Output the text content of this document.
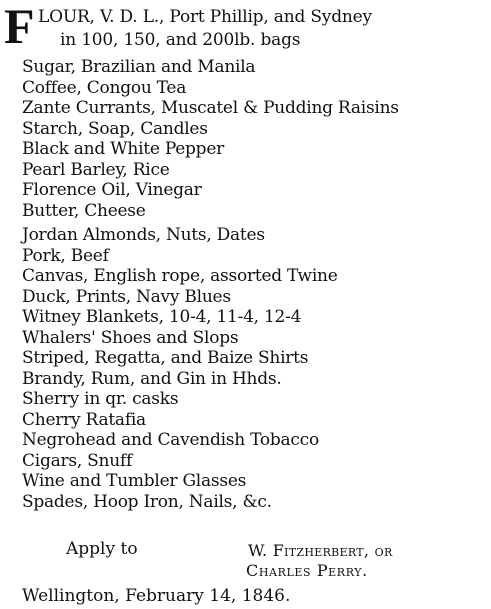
F LOUR, V. D. L., Port Phillip, and Sydney
in 100, 150, and 200lb. bags
Sugar, Brazilian and Manila
Coffee, Congou Tea
Zante Currants, Muscatel & Pudding Raisins
Starch, Soap, Candles
Black and White Pepper
Pearl Barley, Rice
Florence Oil, Vinegar
Butter, Cheese
Jordan Almonds, Nuts, Dates
Pork, Beef
Canvas, English rope, assorted Twine
Duck, Prints, Navy Blues
Witney Blankets, 10-4, 11-4, 12-4
Whalers' Shoes and Slops
Striped, Regatta, and Baize Shirts
Brandy, Rum, and Gin in Hhds.
Sherry in qr. casks
Cherry Ratafia
Negrohead and Cavendish Tobacco
Cigars, Snuff
Wine and Tumbler Glasses
Spades, Hoop Iron, Nails, &c.
Apply to	W. Fitzherbert, or
Charles Perry.
Wellington, February 14, 1846.
